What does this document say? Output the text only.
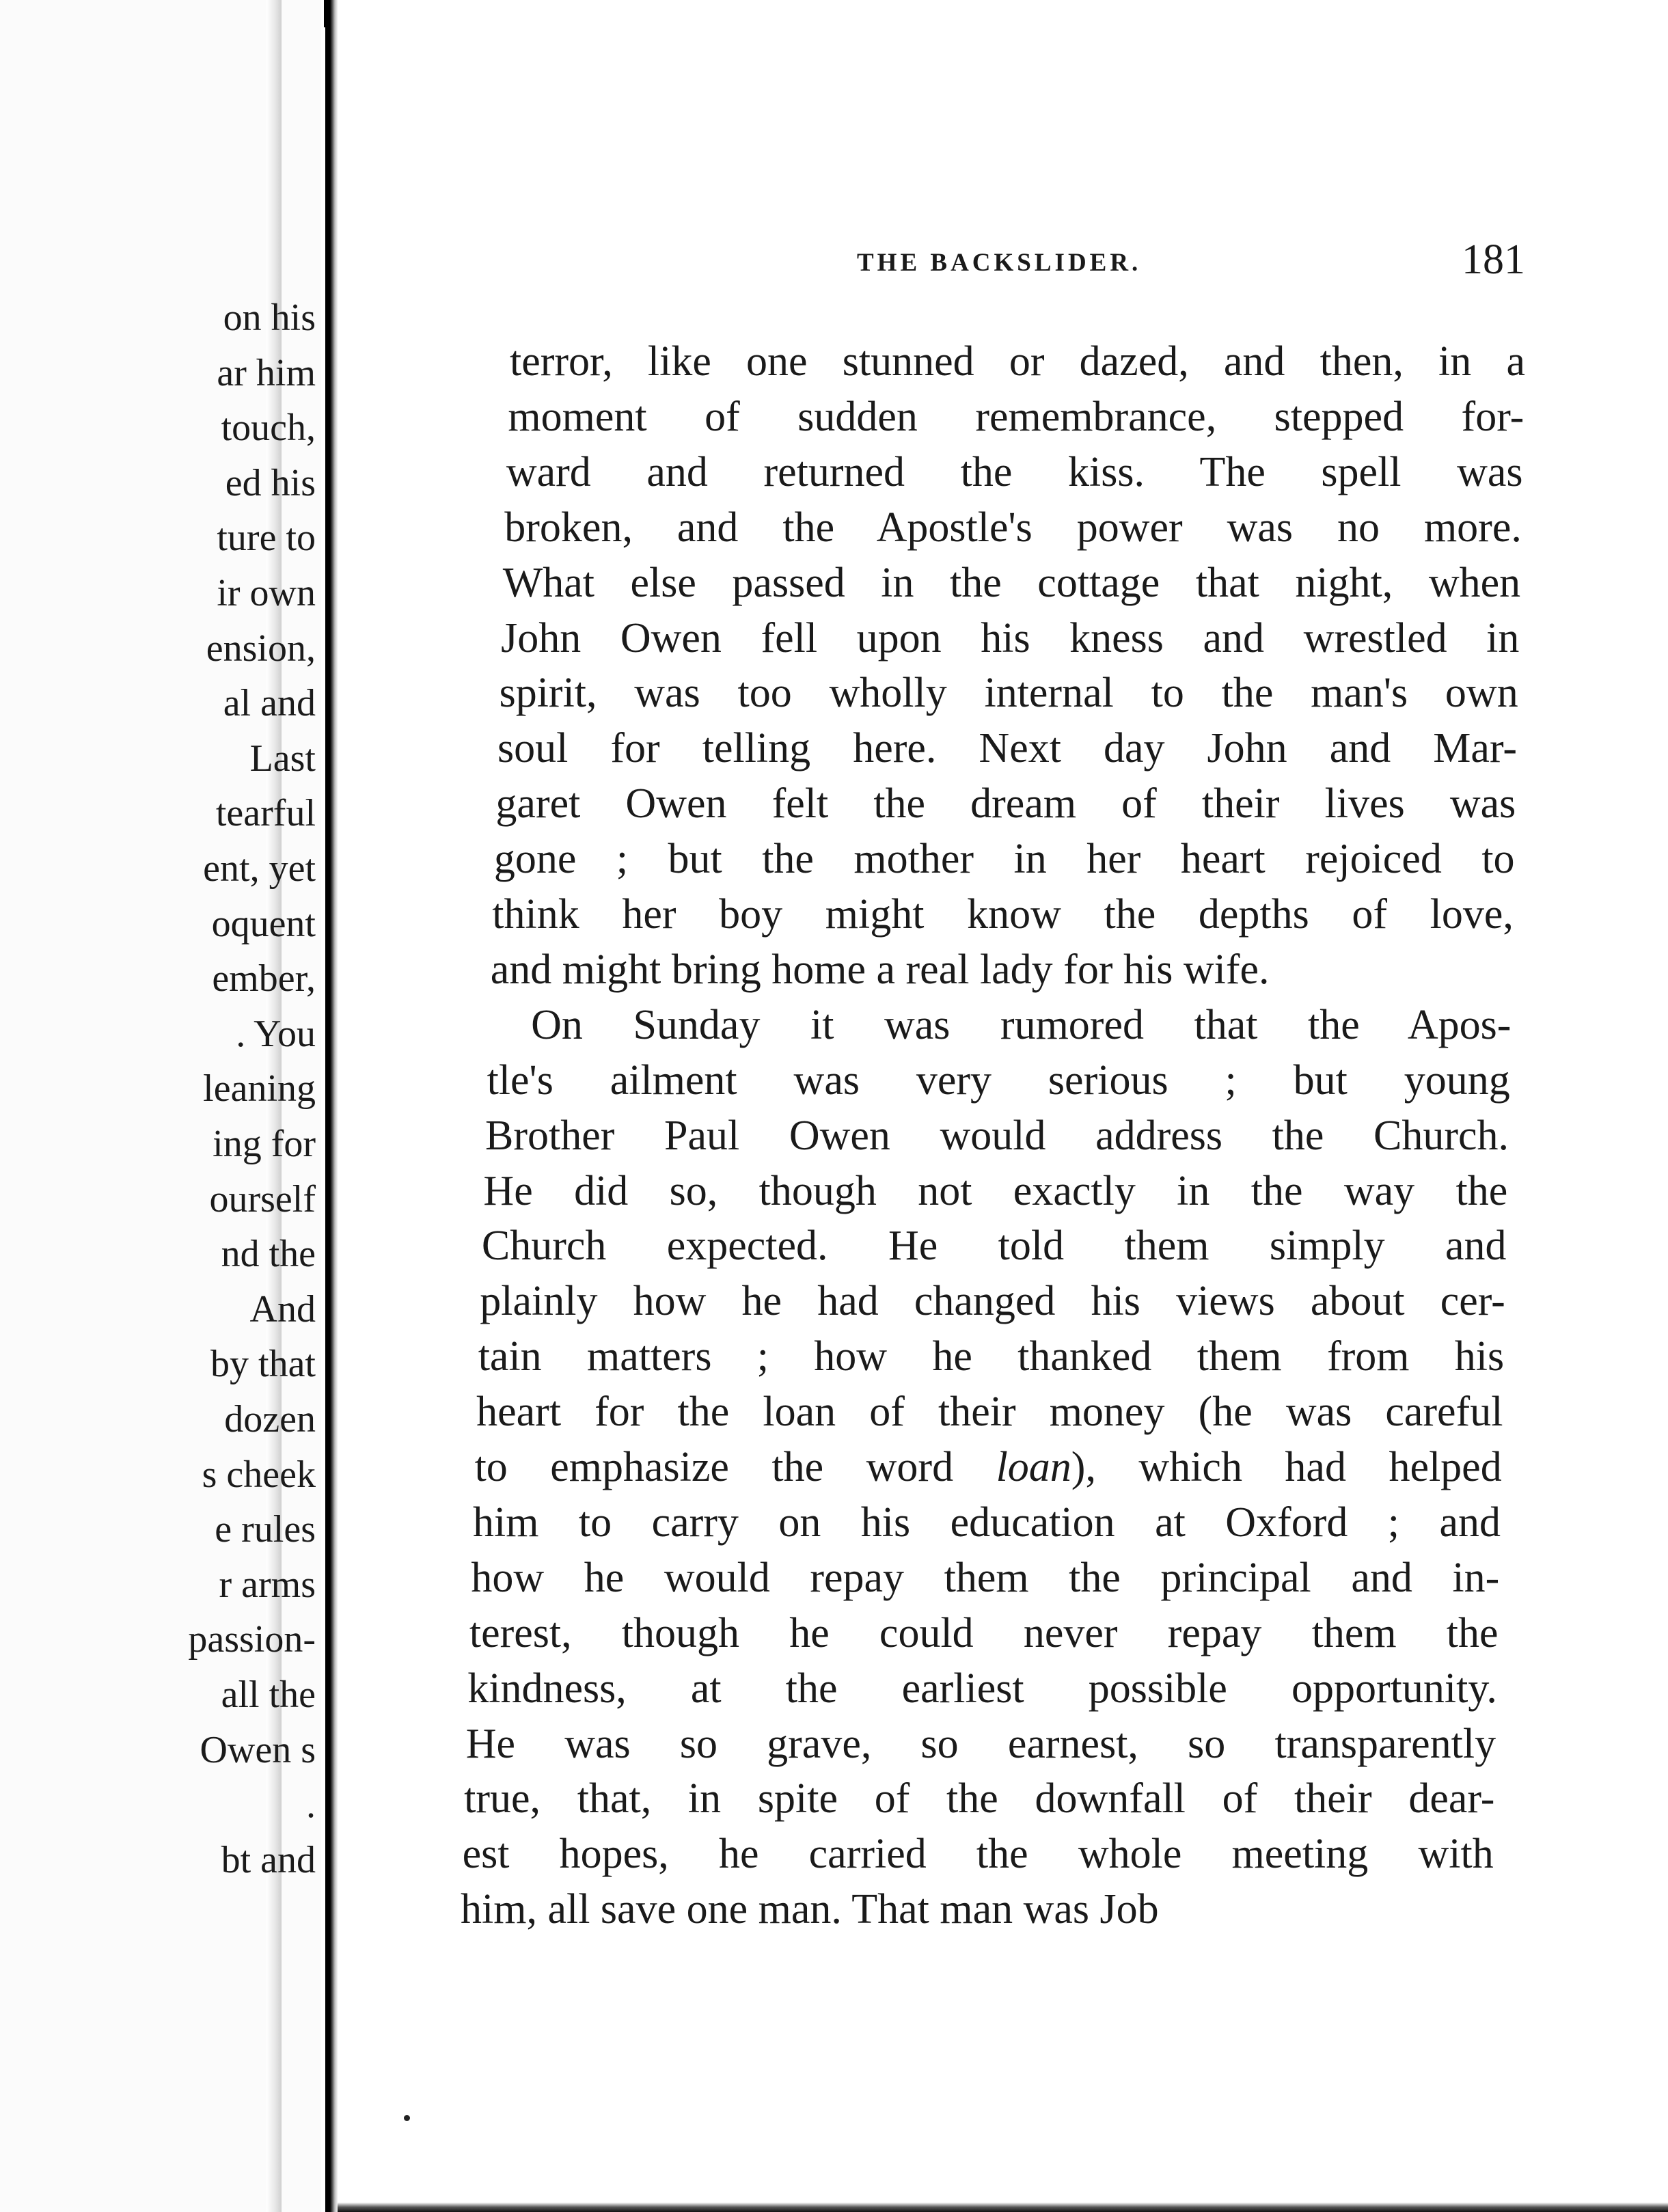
on his

ar him

touch,

ed his

ture to

ir own

ension,

al and

Last

tearful

ent, yet

oquent

ember,

. You

leaning

ing for

ourself

nd the

And

by that

dozen

s cheek

e rules

r arms

passion-

all the

Owen s

.

bt and

THE BACKSLIDER.	181

terror, like one stunned or dazed, and then, in a

moment of sudden remembrance, stepped for-

ward and returned the kiss. The spell was

broken, and the Apostle's power was no more.

What else passed in the cottage that night, when

John Owen fell upon his kness and wrestled in

spirit, was too wholly internal to the man's own

soul for telling here. Next day John and Mar-

garet Owen felt the dream of their lives was

gone ; but the mother in her heart rejoiced to

think her boy might know the depths of love,

and might bring home a real lady for his wife.

On Sunday it was rumored that the Apos-

tle's ailment was very serious ; but young

Brother Paul Owen would address the Church.

He did so, though not exactly in the way the

Church expected. He told them simply and

plainly how he had changed his views about cer-

tain matters ; how he thanked them from his

heart for the loan of their money (he was careful

to emphasize the word loan), which had helped

him to carry on his education at Oxford ; and

how he would repay them the principal and in-

terest, though he could never repay them the

kindness, at the earliest possible opportunity.

He was so grave, so earnest, so transparently

true, that, in spite of the downfall of their dear-

est hopes, he carried the whole meeting with

him, all save one man. That man was Job
